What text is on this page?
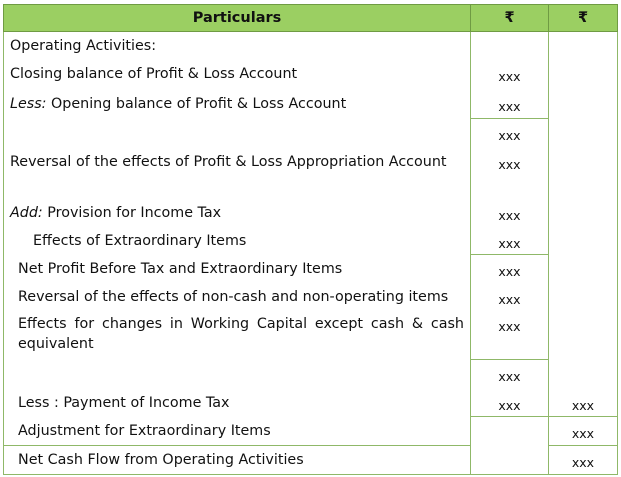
Particulars	₹	₹

Operating Activities:		

Closing balance of Profit & Loss Account	xxx	

Less: Opening balance of Profit & Loss Account	xxx	

	xxx	

Reversal of the effects of Profit & Loss Appropriation Account	xxx	

Add: Provision for Income Tax	xxx	

Effects of Extraordinary Items	xxx	

Net Profit Before Tax and Extraordinary Items	xxx	

Reversal of the effects of non-cash and non-operating items	xxx	

Effects for changes in Working Capital except cash & cash equivalent	xxx	

	xxx	

Less : Payment of Income Tax	xxx	xxx

Adjustment for Extraordinary Items		xxx

Net Cash Flow from Operating Activities		xxx
